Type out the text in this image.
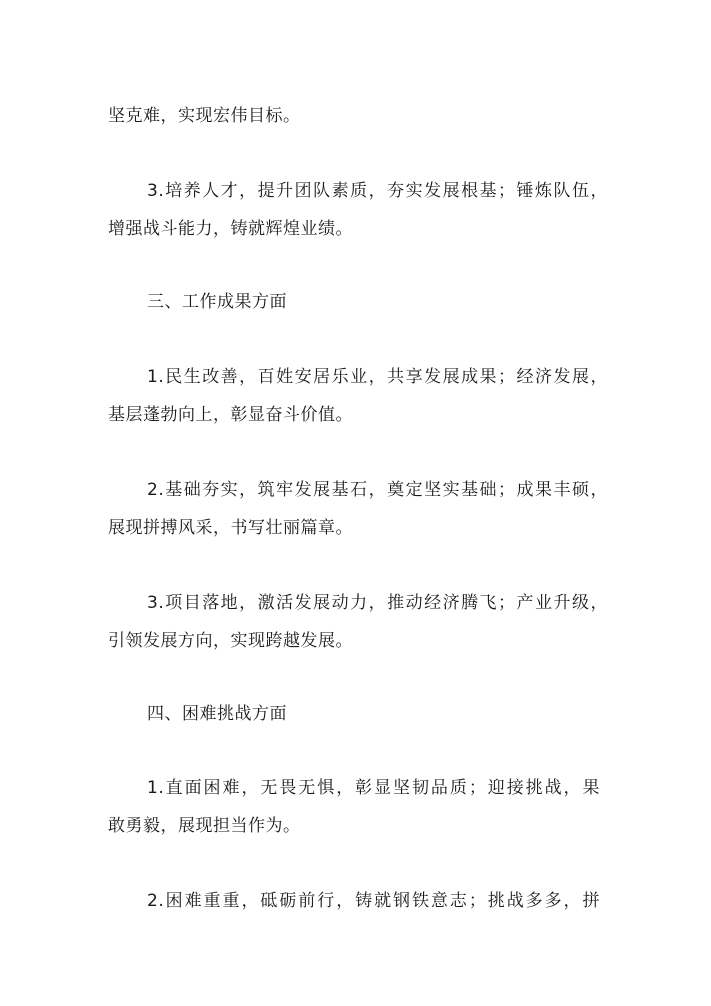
坚克难，实现宏伟目标。
3.培养人才，提升团队素质，夯实发展根基；锤炼队伍，
增强战斗能力，铸就辉煌业绩。
三、工作成果方面
1.民生改善，百姓安居乐业，共享发展成果；经济发展，
基层蓬勃向上，彰显奋斗价值。
2.基础夯实，筑牢发展基石，奠定坚实基础；成果丰硕，
展现拼搏风采，书写壮丽篇章。
3.项目落地，激活发展动力，推动经济腾飞；产业升级，
引领发展方向，实现跨越发展。
四、困难挑战方面
1.直面困难，无畏无惧，彰显坚韧品质；迎接挑战，果
敢勇毅，展现担当作为。
2.困难重重，砥砺前行，铸就钢铁意志；挑战多多，拼
